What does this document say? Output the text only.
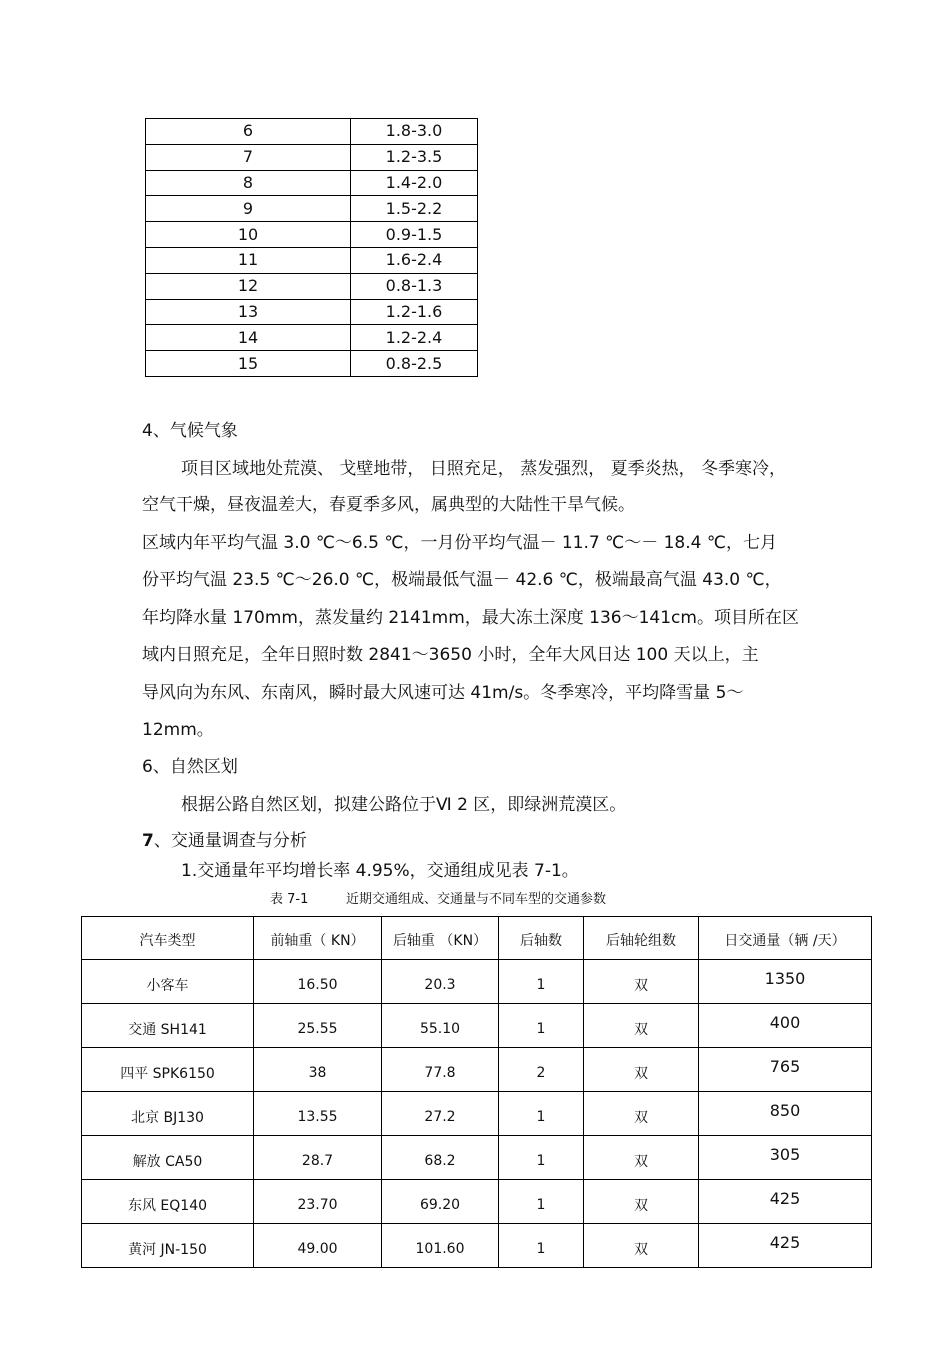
6	1.8-3.0
7	1.2-3.5
8	1.4-2.0
9	1.5-2.2
10	0.9-1.5
11	1.6-2.4
12	0.8-1.3
13	1.2-1.6
14	1.2-2.4
15	0.8-2.5
4、气候气象
项目区域地处荒漠、 戈壁地带， 日照充足， 蒸发强烈， 夏季炎热， 冬季寒冷，
空气干燥，昼夜温差大，春夏季多风，属典型的大陆性干旱气候。
区域内年平均气温 3.0 ℃～6.5 ℃，一月份平均气温－ 11.7 ℃～－ 18.4 ℃，七月
份平均气温 23.5 ℃～26.0 ℃，极端最低气温－ 42.6 ℃，极端最高气温 43.0 ℃，
年均降水量 170mm，蒸发量约 2141mm，最大冻土深度 136～141cm。项目所在区
域内日照充足，全年日照时数 2841～3650 小时，全年大风日达 100 天以上，主
导风向为东风、东南风，瞬时最大风速可达 41m/s。冬季寒冷，平均降雪量 5～
12mm。
6、自然区划
根据公路自然区划，拟建公路位于Ⅵ 2 区，即绿洲荒漠区。
7、交通量调查与分析
1.交通量年平均增长率 4.95%，交通组成见表 7-1。
表 7-1	近期交通组成、交通量与不同车型的交通参数
汽车类型	前轴重（ KN）	后轴重 （KN）	后轴数	后轴轮组数	日交通量（辆 /天）
小客车	16.50	20.3	1	双	1350
交通 SH141	25.55	55.10	1	双	400
四平 SPK6150	38	77.8	2	双	765
北京 BJ130	13.55	27.2	1	双	850
解放 CA50	28.7	68.2	1	双	305
东风 EQ140	23.70	69.20	1	双	425
黄河 JN-150	49.00	101.60	1	双	425
